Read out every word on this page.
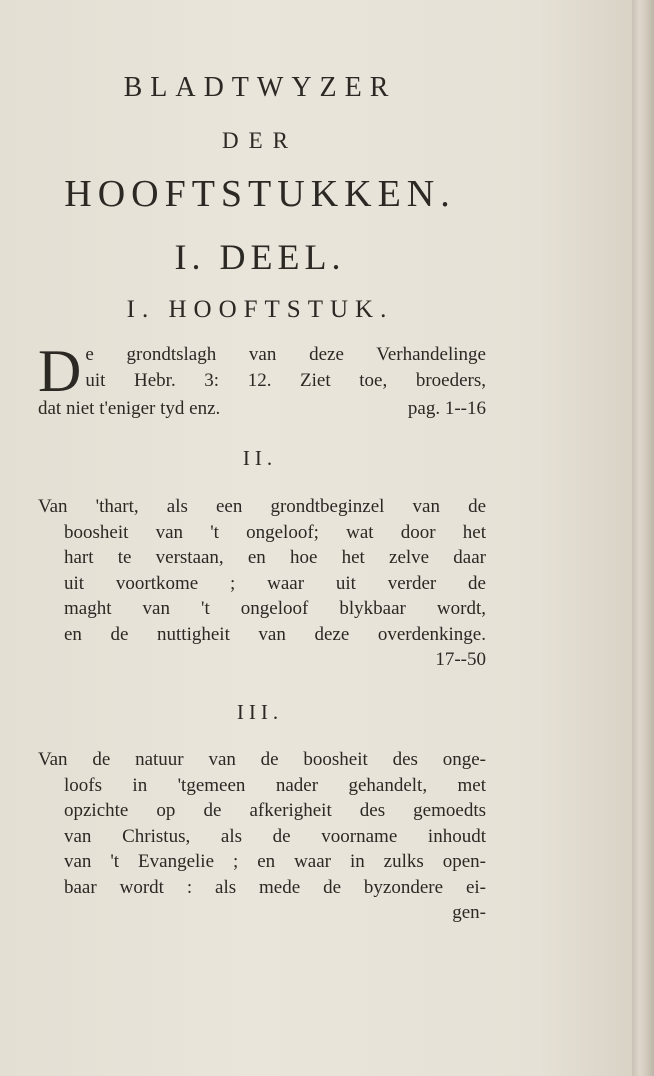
BLADTWYZER
DER
HOOFTSTUKKEN.
I. DEEL.
I. HOOFTSTUK.
D e grondtslagh van deze Verhandelinge
uit Hebr. 3: 12. Ziet toe, broeders,
dat niet t'eniger tyd enz.	pag. 1--16
II.
Van 'thart, als een grondtbeginzel van de
boosheit van 't ongeloof; wat door het
hart te verstaan, en hoe het zelve daar
uit voortkome ; waar uit verder de
maght van 't ongeloof blykbaar wordt,
en de nuttigheit van deze overdenkinge.
17--50
III.
Van de natuur van de boosheit des onge-
loofs in 'tgemeen nader gehandelt, met
opzichte op de afkerigheit des gemoedts
van Christus, als de voorname inhoudt
van 't Evangelie ; en waar in zulks open-
baar wordt : als mede de byzondere ei-
gen-
